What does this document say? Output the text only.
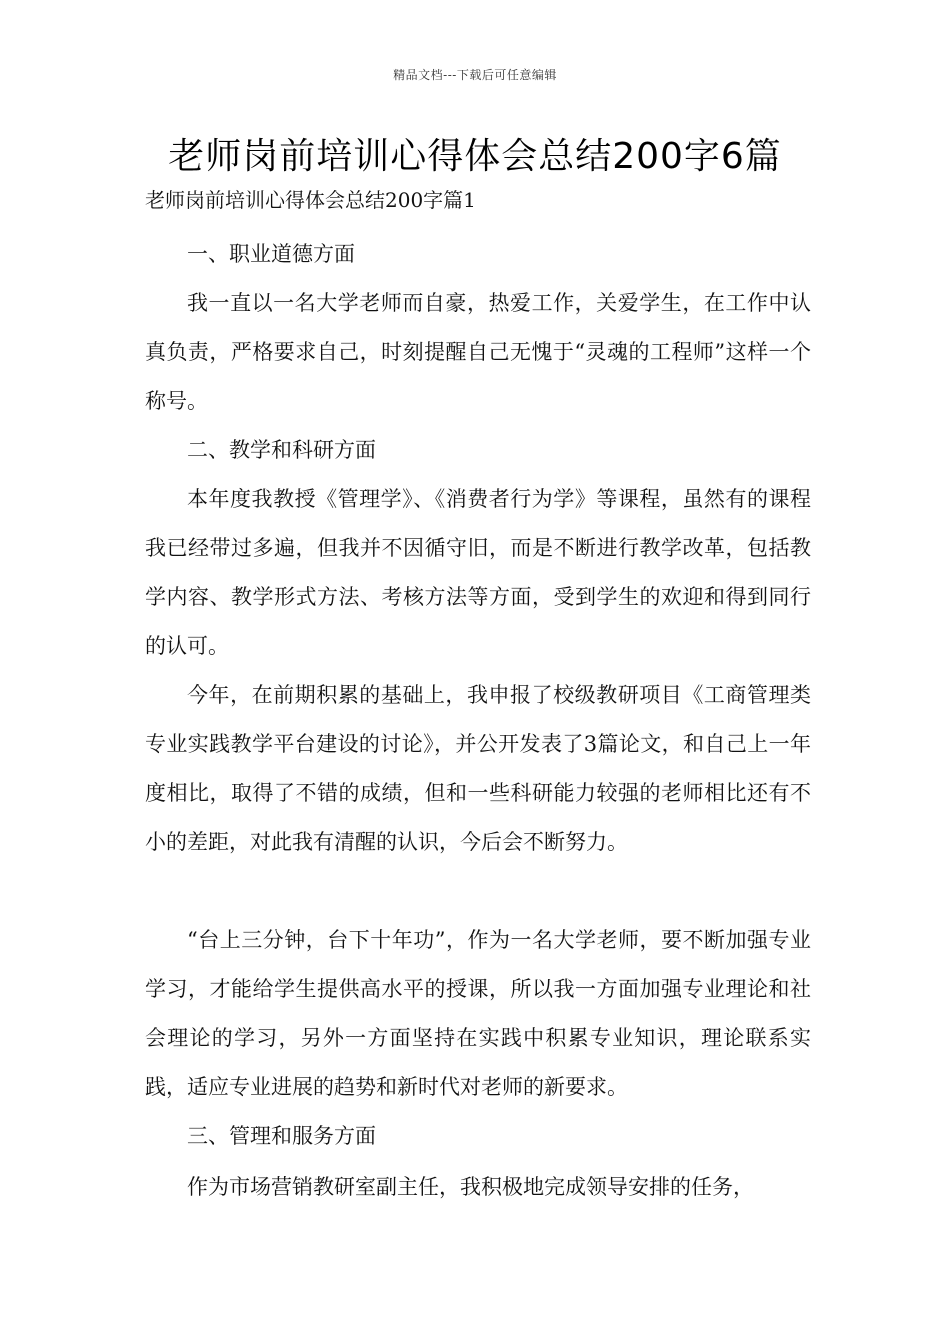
精品文档---下载后可任意编辑
老师岗前培训心得体会总结200字6篇

老师岗前培训心得体会总结200字篇1

一、职业道德方面

我一直以一名大学老师而自豪，热爱工作，关爱学生，在工作中认真负责，严格要求自己，时刻提醒自己无愧于“灵魂的工程师”这样一个称号。

二、教学和科研方面

本年度我教授《管理学》、《消费者行为学》等课程，虽然有的课程我已经带过多遍，但我并不因循守旧，而是不断进行教学改革，包括教学内容、教学形式方法、考核方法等方面，受到学生的欢迎和得到同行的认可。

今年，在前期积累的基础上，我申报了校级教研项目《工商管理类专业实践教学平台建设的讨论》，并公开发表了3篇论文，和自己上一年度相比，取得了不错的成绩，但和一些科研能力较强的老师相比还有不小的差距，对此我有清醒的认识，今后会不断努力。

“台上三分钟，台下十年功”，作为一名大学老师，要不断加强专业学习，才能给学生提供高水平的授课，所以我一方面加强专业理论和社会理论的学习，另外一方面坚持在实践中积累专业知识，理论联系实践，适应专业进展的趋势和新时代对老师的新要求。

三、管理和服务方面

作为市场营销教研室副主任，我积极地完成领导安排的任务，
